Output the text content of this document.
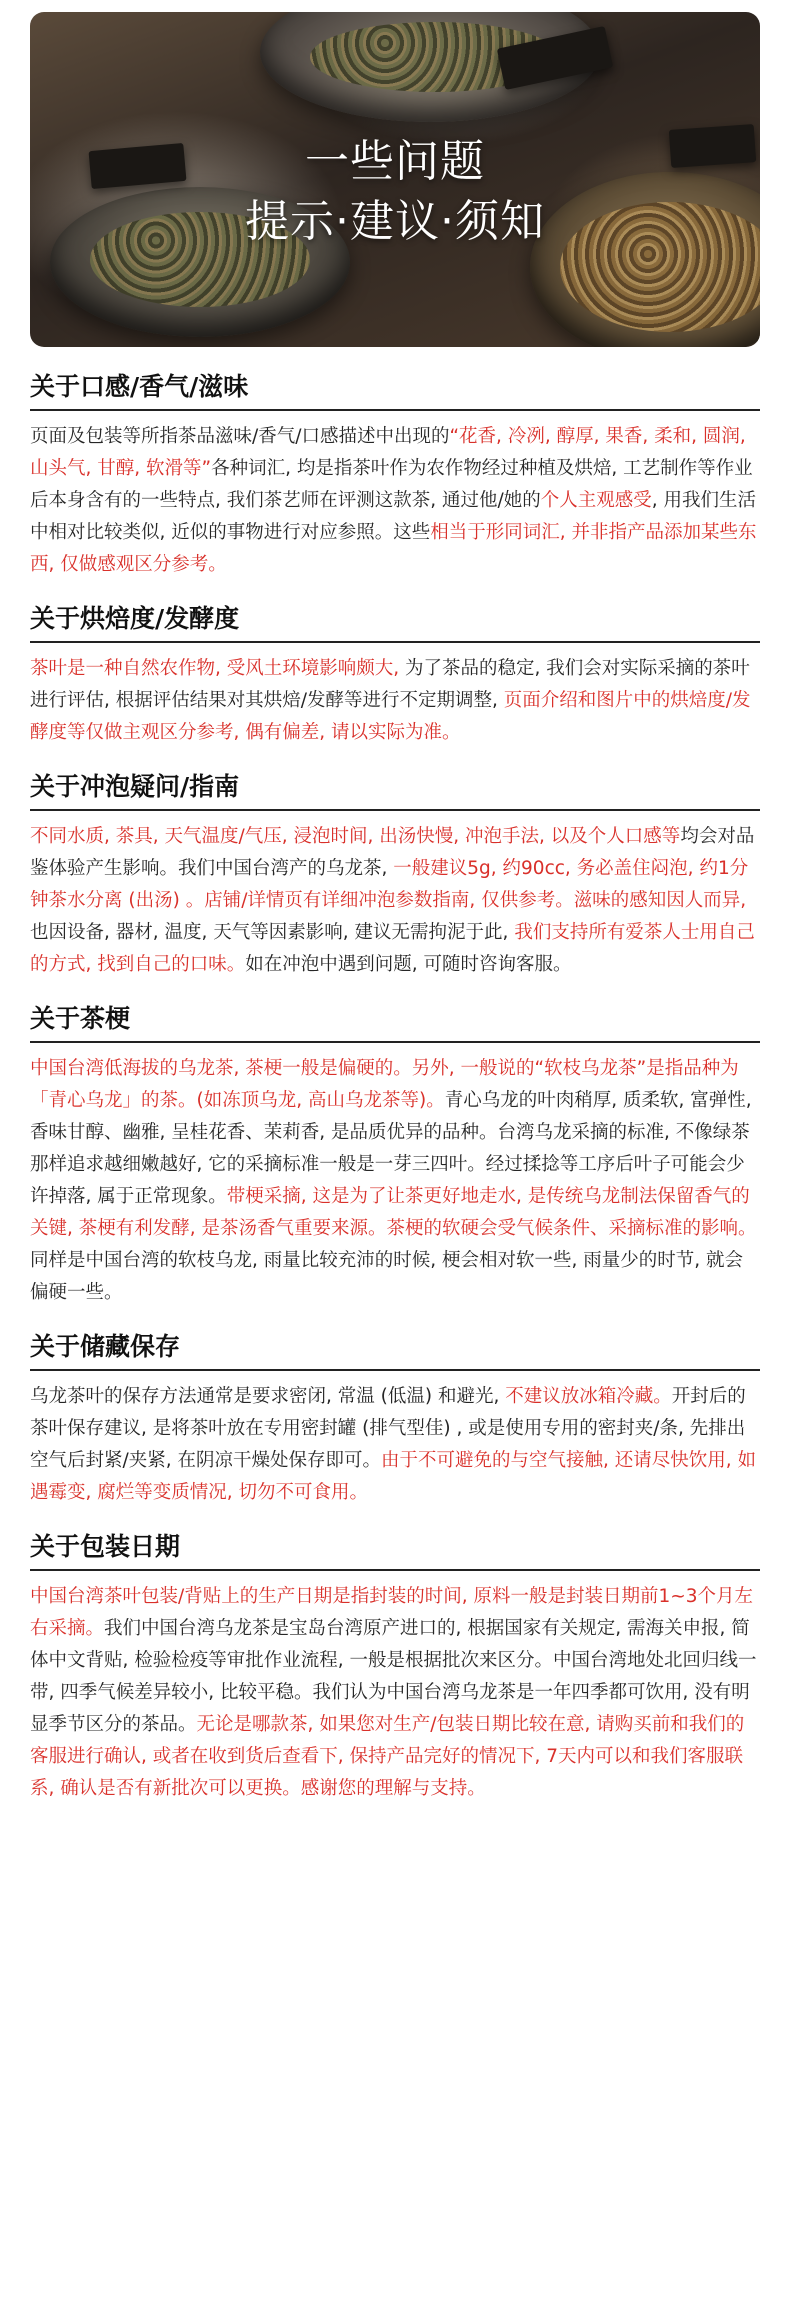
一些问题
提示·建议·须知
关于口感/香气/滋味

页面及包装等所指茶品滋味/香气/口感描述中出现的“花香, 冷冽, 醇厚, 果香, 柔和, 圆润, 山头气, 甘醇, 软滑等”各种词汇, 均是指茶叶作为农作物经过种植及烘焙, 工艺制作等作业后本身含有的一些特点, 我们茶艺师在评测这款茶, 通过他/她的个人主观感受, 用我们生活中相对比较类似, 近似的事物进行对应参照。这些相当于形同词汇, 并非指产品添加某些东西, 仅做感观区分参考。

关于烘焙度/发酵度

茶叶是一种自然农作物, 受风土环境影响颇大, 为了茶品的稳定, 我们会对实际采摘的茶叶进行评估, 根据评估结果对其烘焙/发酵等进行不定期调整, 页面介绍和图片中的烘焙度/发酵度等仅做主观区分参考, 偶有偏差, 请以实际为准。

关于冲泡疑问/指南

不同水质, 茶具, 天气温度/气压, 浸泡时间, 出汤快慢, 冲泡手法, 以及个人口感等均会对品鉴体验产生影响。我们中国台湾产的乌龙茶, 一般建议5g, 约90cc, 务必盖住闷泡, 约1分钟茶水分离 (出汤) 。店铺/详情页有详细冲泡参数指南, 仅供参考。滋味的感知因人而异, 也因设备, 器材, 温度, 天气等因素影响, 建议无需拘泥于此, 我们支持所有爱茶人士用自己的方式, 找到自己的口味。如在冲泡中遇到问题, 可随时咨询客服。

关于茶梗

中国台湾低海拔的乌龙茶, 茶梗一般是偏硬的。另外, 一般说的“软枝乌龙茶”是指品种为「青心乌龙」的茶。(如冻顶乌龙, 高山乌龙茶等)。青心乌龙的叶肉稍厚, 质柔软, 富弹性, 香味甘醇、幽雅, 呈桂花香、茉莉香, 是品质优异的品种。台湾乌龙采摘的标准, 不像绿茶那样追求越细嫩越好, 它的采摘标准一般是一芽三四叶。经过揉捻等工序后叶子可能会少许掉落, 属于正常现象。带梗采摘, 这是为了让茶更好地走水, 是传统乌龙制法保留香气的关键, 茶梗有利发酵, 是茶汤香气重要来源。茶梗的软硬会受气候条件、采摘标准的影响。同样是中国台湾的软枝乌龙, 雨量比较充沛的时候, 梗会相对软一些, 雨量少的时节, 就会偏硬一些。

关于储藏保存

乌龙茶叶的保存方法通常是要求密闭, 常温 (低温) 和避光, 不建议放冰箱冷藏。开封后的茶叶保存建议, 是将茶叶放在专用密封罐 (排气型佳) , 或是使用专用的密封夹/条, 先排出空气后封紧/夹紧, 在阴凉干燥处保存即可。由于不可避免的与空气接触, 还请尽快饮用, 如遇霉变, 腐烂等变质情况, 切勿不可食用。

关于包装日期

中国台湾茶叶包装/背贴上的生产日期是指封装的时间, 原料一般是封装日期前1~3个月左右采摘。我们中国台湾乌龙茶是宝岛台湾原产进口的, 根据国家有关规定, 需海关申报, 简体中文背贴, 检验检疫等审批作业流程, 一般是根据批次来区分。中国台湾地处北回归线一带, 四季气候差异较小, 比较平稳。我们认为中国台湾乌龙茶是一年四季都可饮用, 没有明显季节区分的茶品。无论是哪款茶, 如果您对生产/包装日期比较在意, 请购买前和我们的客服进行确认, 或者在收到货后查看下, 保持产品完好的情况下, 7天内可以和我们客服联系, 确认是否有新批次可以更换。感谢您的理解与支持。
